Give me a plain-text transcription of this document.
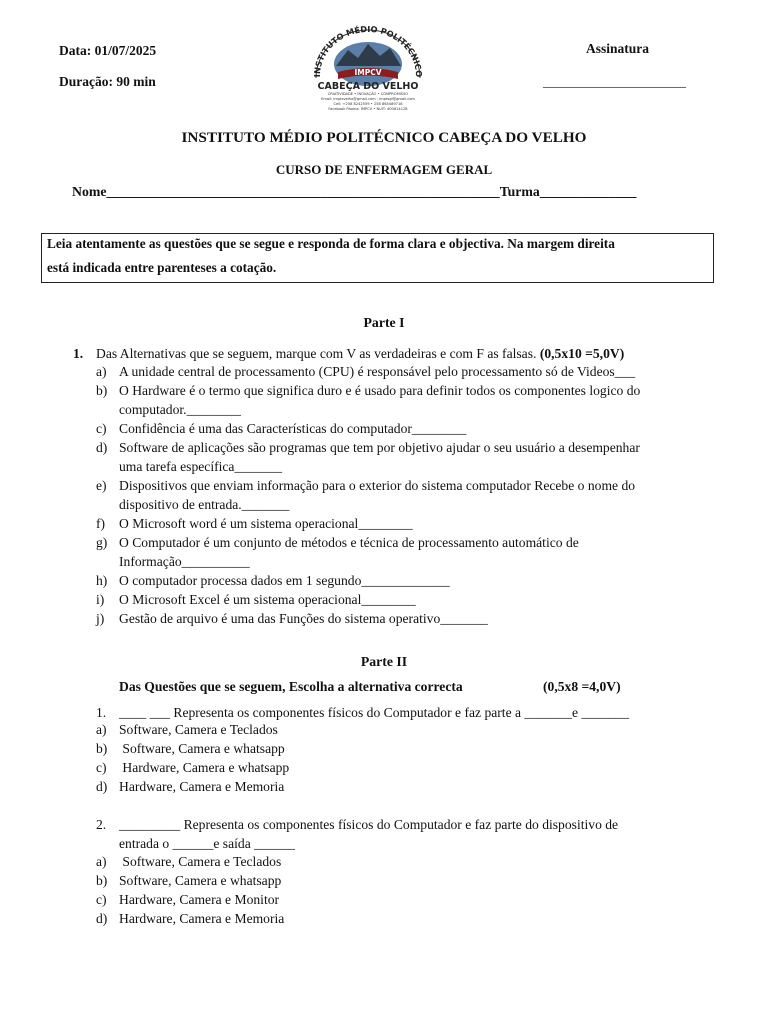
Data: 01/07/2025
Duração: 90 min
Assinatura
______________________
INSTITUTO MÉDIO POLITÉCNICO
IMPCV
CABEÇA DO VELHO
CRIATIVIDADE • INOVAÇÃO • COMPROMISSO
Email: imptsvelho@gmail.com ; imptsgi@gmail.com
Cell: +258 8242559 • 258 865489718
Facebook Pagina: IMPCV • NUIT: 400614128
INSTITUTO MÉDIO POLITÉCNICO CABEÇA DO VELHO
CURSO DE ENFERMAGEM GERAL
Nome_________________________________________________________Turma______________
Leia atentamente as questões que se segue e responda de forma clara e objectiva. Na margem direita
está indicada entre parenteses a cotação.
Parte I
1. Das Alternativas que se seguem, marque com V as verdadeiras e com F as falsas. (0,5x10 =5,0V)
a) A unidade central de processamento (CPU) é responsável pelo processamento só de Videos___
b) O Hardware é o termo que significa duro e é usado para definir todos os componentes logico do
computador.________
c) Confidência é uma das Características do computador________
d) Software de aplicações são programas que tem por objetivo ajudar o seu usuário a desempenhar
uma tarefa específica_______
e) Dispositivos que enviam informação para o exterior do sistema computador Recebe o nome do
dispositivo de entrada._______
f) O Microsoft word é um sistema operacional________
g) O Computador é um conjunto de métodos e técnica de processamento automático de
Informação__________
h) O computador processa dados em 1 segundo_____________
i) O Microsoft Excel é um sistema operacional________
j) Gestão de arquivo é uma das Funções do sistema operativo_______
Parte II
Das Questões que se seguem, Escolha a alternativa correcta	(0,5x8 =4,0V)
1. ____ ___ Representa os componentes físicos do Computador e faz parte a _______e _______
a) Software, Camera e Teclados
b) Software, Camera e whatsapp
c) Hardware, Camera e whatsapp
d) Hardware, Camera e Memoria
2. _________ Representa os componentes físicos do Computador e faz parte do dispositivo de
entrada o ______e saída ______
a) Software, Camera e Teclados
b) Software, Camera e whatsapp
c) Hardware, Camera e Monitor
d) Hardware, Camera e Memoria
